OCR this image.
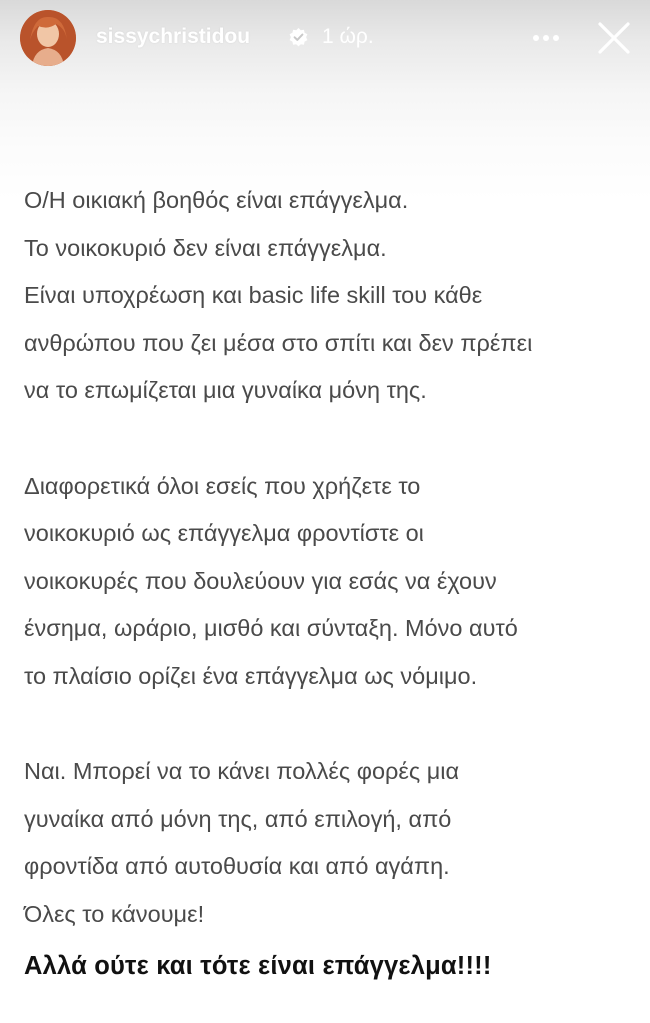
sissychristidou	1 ώρ.

Ο/Η οικιακή βοηθός είναι επάγγελμα.

Το νοικοκυριό δεν είναι επάγγελμα.

Είναι υποχρέωση και basic life skill του κάθε

ανθρώπου που ζει μέσα στο σπίτι και δεν πρέπει

να το επωμίζεται μια γυναίκα μόνη της.

Διαφορετικά όλοι εσείς που χρήζετε το

νοικοκυριό ως επάγγελμα φροντίστε οι

νοικοκυρές που δουλεύουν για εσάς να έχουν

ένσημα, ωράριο, μισθό και σύνταξη. Μόνο αυτό

το πλαίσιο ορίζει ένα επάγγελμα ως νόμιμο.

Ναι. Μπορεί να το κάνει πολλές φορές μια

γυναίκα από μόνη της, από επιλογή, από

φροντίδα από αυτοθυσία και από αγάπη.

Όλες το κάνουμε!

Αλλά ούτε και τότε είναι επάγγελμα!!!!
